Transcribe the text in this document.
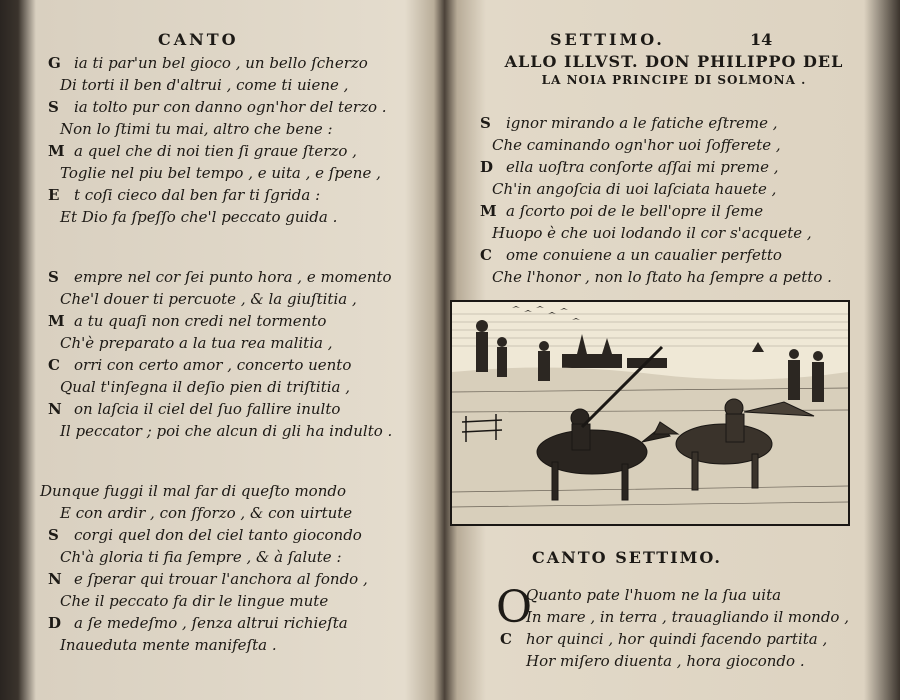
CANTO
G ia ti par'un bel gioco , un bello ſcherzo
Di torti il ben d'altrui , come ti uiene ,
S ia tolto pur con danno ogn'hor del terzo .
Non lo ſtimi tu mai, altro che bene :
M a quel che di noi tien ſi graue ſterzo ,
Toglie nel piu bel tempo , e uita , e ſpene ,
E t coſi cieco dal ben far ti ſgrida :
Et Dio fa ſpeſſo che'l peccato guida .
S empre nel cor ſei punto hora , e momento
Che'l douer ti percuote , & la giuſtitia ,
M a tu quaſi non credi nel tormento
Ch'è preparato a la tua rea malitia ,
C orri con certo amor , concerto uento
Qual t'inſegna il deſio pien di triſtitia ,
N on laſcia il ciel del ſuo fallire inulto
Il peccator ; poi che alcun di gli ha indulto .
Dunque fuggi il mal far di queſto mondo
E con ardir , con ſforzo , & con uirtute
S corgi quel don del ciel tanto giocondo
Ch'à gloria ti fia ſempre , & à ſalute :
N e ſperar qui trouar l'anchora al fondo ,
Che il peccato fa dir le lingue mute
D a ſe medeſmo , ſenza altrui richieſta
Inaueduta mente manifeſta .
SETTIMO.	14
ALLO ILLVST. DON PHILIPPO DEL
LA NOIA PRINCIPE DI SOLMONA .
S ignor mirando a le fatiche eſtreme ,
Che caminando ogn'hor uoi ſofferete ,
D ella uoſtra conſorte aſſai mi preme ,
Ch'in angoſcia di uoi laſciata hauete ,
M a ſcorto poi de le bell'opre il ſeme
Huopo è che uoi lodando il cor s'acquete ,
C ome conuiene a un caualier perfetto
Che l'honor , non lo ſtato ha ſempre a petto .
CANTO SETTIMO.
O
Quanto pate l'huom ne la ſua uita
In mare , in terra , trauagliando il mondo ,
C hor quinci , hor quindi facendo partita ,
Hor miſero diuenta , hora giocondo .
